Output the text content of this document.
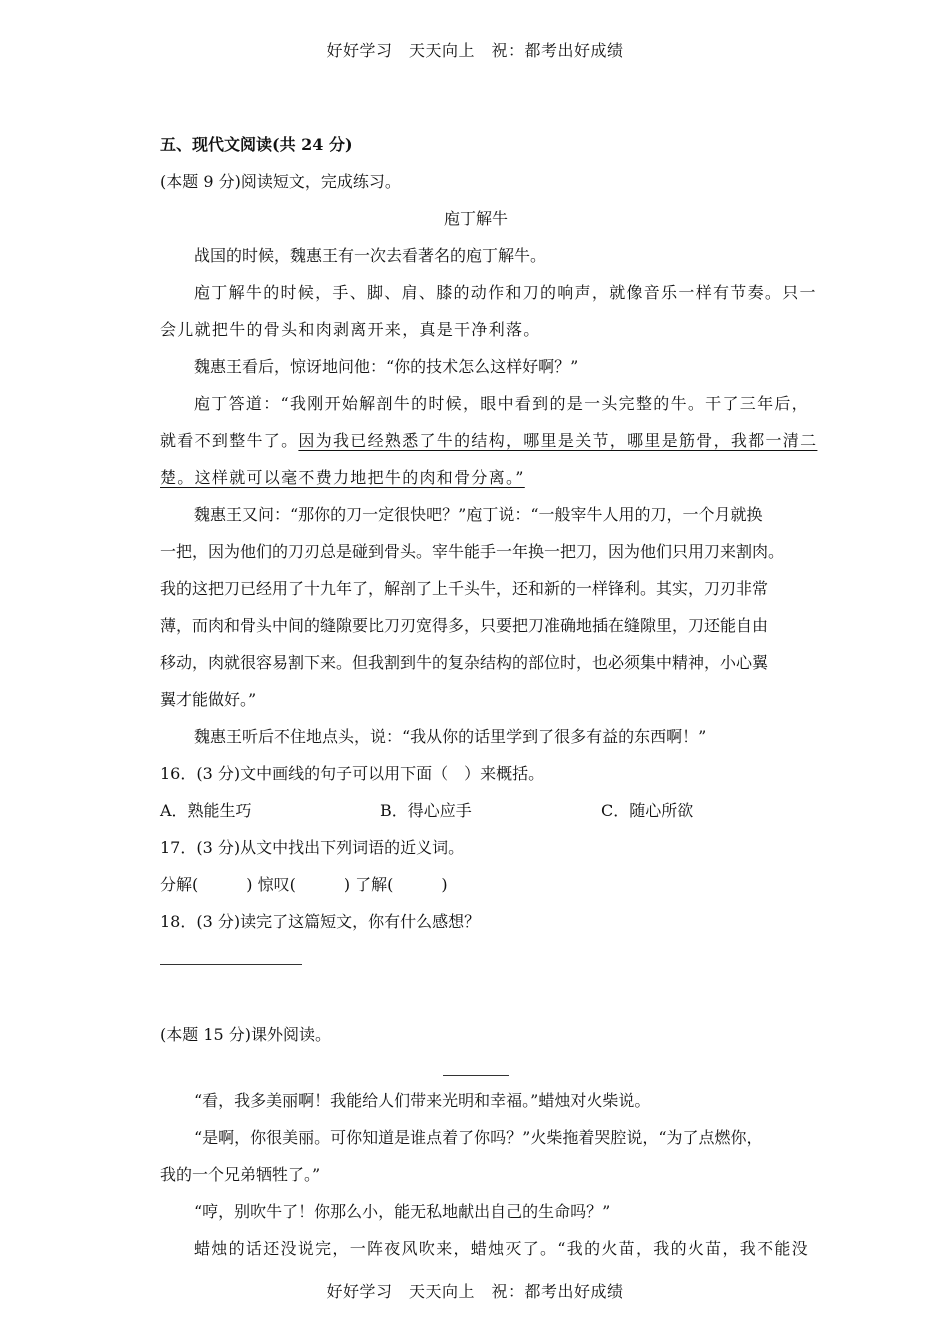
好好学习　天天向上　祝：都考出好成绩
五、现代文阅读(共 24 分)
(本题 9 分)阅读短文，完成练习。
庖丁解牛
战国的时候，魏惠王有一次去看著名的庖丁解牛。
庖丁解牛的时候，手、脚、肩、膝的动作和刀的响声，就像音乐一样有节奏。只一
会儿就把牛的骨头和肉剥离开来，真是干净利落。
魏惠王看后，惊讶地问他：“你的技术怎么这样好啊？”
庖丁答道：“我刚开始解剖牛的时候，眼中看到的是一头完整的牛。干了三年后，
就看不到整牛了。因为我已经熟悉了牛的结构，哪里是关节，哪里是筋骨，我都一清二
楚。这样就可以毫不费力地把牛的肉和骨分离。”
魏惠王又问：“那你的刀一定很快吧？”庖丁说：“一般宰牛人用的刀，一个月就换
一把，因为他们的刀刃总是碰到骨头。宰牛能手一年换一把刀，因为他们只用刀来割肉。
我的这把刀已经用了十九年了，解剖了上千头牛，还和新的一样锋利。其实，刀刃非常
薄，而肉和骨头中间的缝隙要比刀刃宽得多，只要把刀准确地插在缝隙里，刀还能自由
移动，肉就很容易割下来。但我割到牛的复杂结构的部位时，也必须集中精神，小心翼
翼才能做好。”
魏惠王听后不住地点头，说：“我从你的话里学到了很多有益的东西啊！”
16．(3 分)文中画线的句子可以用下面（　）来概括。
A．熟能生巧	B．得心应手	C．随心所欲
17．(3 分)从文中找出下列词语的近义词。
分解(　　　) 惊叹(　　　) 了解(　　　)
18．(3 分)读完了这篇短文，你有什么感想？
(本题 15 分)课外阅读。
“看，我多美丽啊！我能给人们带来光明和幸福。”蜡烛对火柴说。
“是啊，你很美丽。可你知道是谁点着了你吗？”火柴拖着哭腔说，“为了点燃你，
我的一个兄弟牺牲了。”
“哼，别吹牛了！你那么小，能无私地献出自己的生命吗？”
蜡烛的话还没说完，一阵夜风吹来，蜡烛灭了。“我的火苗，我的火苗，我不能没
好好学习　天天向上　祝：都考出好成绩
